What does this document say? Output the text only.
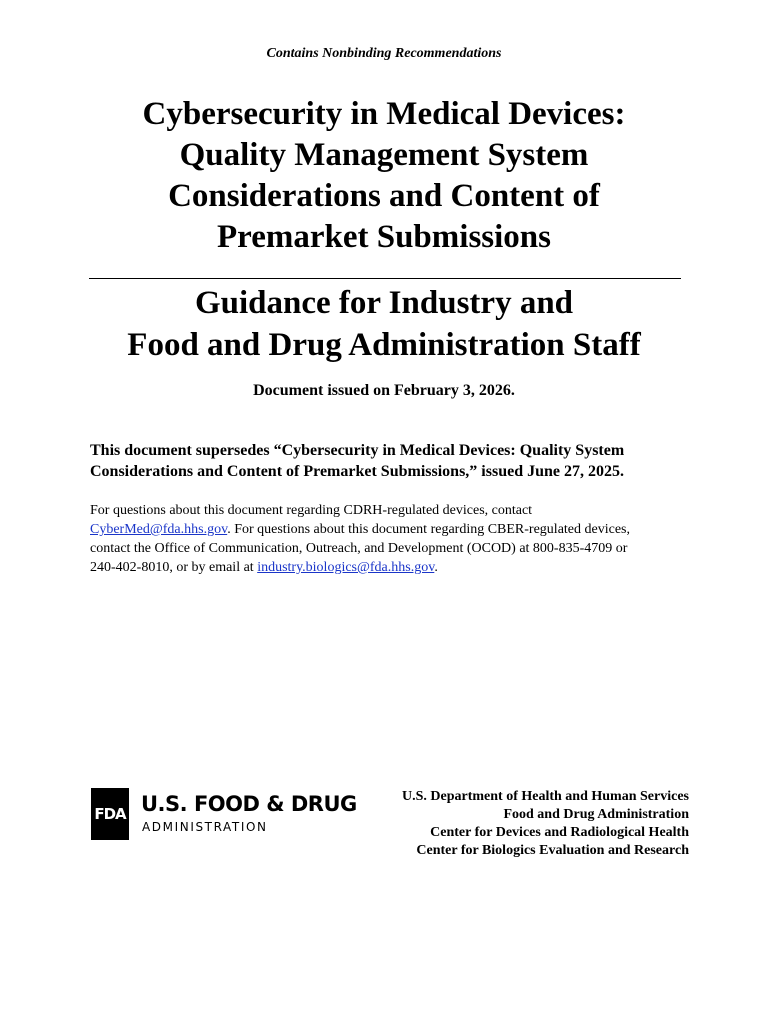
Contains Nonbinding Recommendations
Cybersecurity in Medical Devices:
Quality Management System
Considerations and Content of
Premarket Submissions
Guidance for Industry and
Food and Drug Administration Staff
Document issued on February 3, 2026.
This document supersedes “Cybersecurity in Medical Devices: Quality System
Considerations and Content of Premarket Submissions,” issued June 27, 2025.
For questions about this document regarding CDRH-regulated devices, contact
CyberMed@fda.hhs.gov. For questions about this document regarding CBER-regulated devices,
contact the Office of Communication, Outreach, and Development (OCOD) at 800-835-4709 or
240-402-8010, or by email at industry.biologics@fda.hhs.gov.
FDA U.S. FOOD & DRUG
ADMINISTRATION
U.S. Department of Health and Human Services
Food and Drug Administration
Center for Devices and Radiological Health
Center for Biologics Evaluation and Research
